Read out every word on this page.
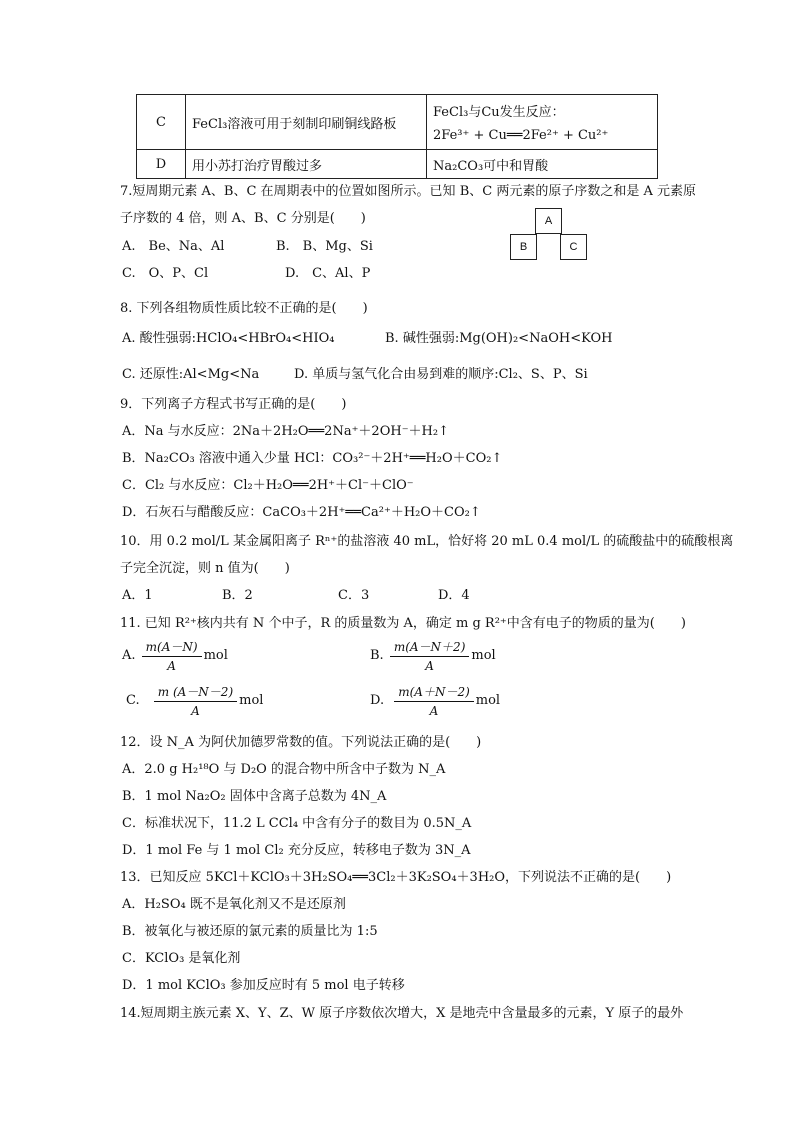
C	FeCl₃溶液可用于刻制印刷铜线路板	FeCl₃与Cu发生反应：
2Fe³⁺ + Cu══2Fe²⁺ + Cu²⁺

D	用小苏打治疗胃酸过多	Na₂CO₃可中和胃酸
7.短周期元素 A、B、C 在周期表中的位置如图所示。已知 B、C 两元素的原子序数之和是 A 元素原
子序数的 4 倍，则 A、B、C 分别是(　　)
A.　Be、Na、Al	B.　B、Mg、Si
C.　O、P、Cl	D.　C、Al、P
A
B	C
8. 下列各组物质性质比较不正确的是(　　)
A. 酸性强弱:HClO₄<HBrO₄<HIO₄	B. 碱性强弱:Mg(OH)₂<NaOH<KOH
C. 还原性:Al<Mg<Na	D. 单质与氢气化合由易到难的顺序:Cl₂、S、P、Si
9．下列离子方程式书写正确的是(　　)
A．Na 与水反应：2Na＋2H₂O══2Na⁺＋2OH⁻＋H₂↑
B．Na₂CO₃ 溶液中通入少量 HCl：CO₃²⁻＋2H⁺══H₂O＋CO₂↑
C．Cl₂ 与水反应：Cl₂＋H₂O══2H⁺＋Cl⁻＋ClO⁻
D．石灰石与醋酸反应：CaCO₃＋2H⁺══Ca²⁺＋H₂O＋CO₂↑
10．用 0.2 mol/L 某金属阳离子 Rⁿ⁺的盐溶液 40 mL，恰好将 20 mL 0.4 mol/L 的硫酸盐中的硫酸根离
子完全沉淀，则 n 值为(　　)
A．1	B．2	C．3	D．4
11. 已知 R²⁺核内共有 N 个中子，R 的质量数为 A，确定 m g R²⁺中含有电子的物质的量为(　　)
A. $\frac{m(A-N)}{A}$ mol	B. $\frac{m(A-N+2)}{A}$ mol
C. $\frac{m (A-N-2)}{A}$ mol	D. $\frac{m(A+N-2)}{A}$ mol
12．设 N_A 为阿伏加德罗常数的值。下列说法正确的是(　　)
A．2.0 g H₂¹⁸O 与 D₂O 的混合物中所含中子数为 N_A
B．1 mol Na₂O₂ 固体中含离子总数为 4N_A
C．标准状况下，11.2 L CCl₄ 中含有分子的数目为 0.5N_A
D．1 mol Fe 与 1 mol Cl₂ 充分反应，转移电子数为 3N_A
13．已知反应 5KCl＋KClO₃＋3H₂SO₄══3Cl₂＋3K₂SO₄＋3H₂O，下列说法不正确的是(　　)
A．H₂SO₄ 既不是氧化剂又不是还原剂
B．被氧化与被还原的氯元素的质量比为 1:5
C．KClO₃ 是氧化剂
D．1 mol KClO₃ 参加反应时有 5 mol 电子转移
14.短周期主族元素 X、Y、Z、W 原子序数依次增大，X 是地壳中含量最多的元素，Y 原子的最外
